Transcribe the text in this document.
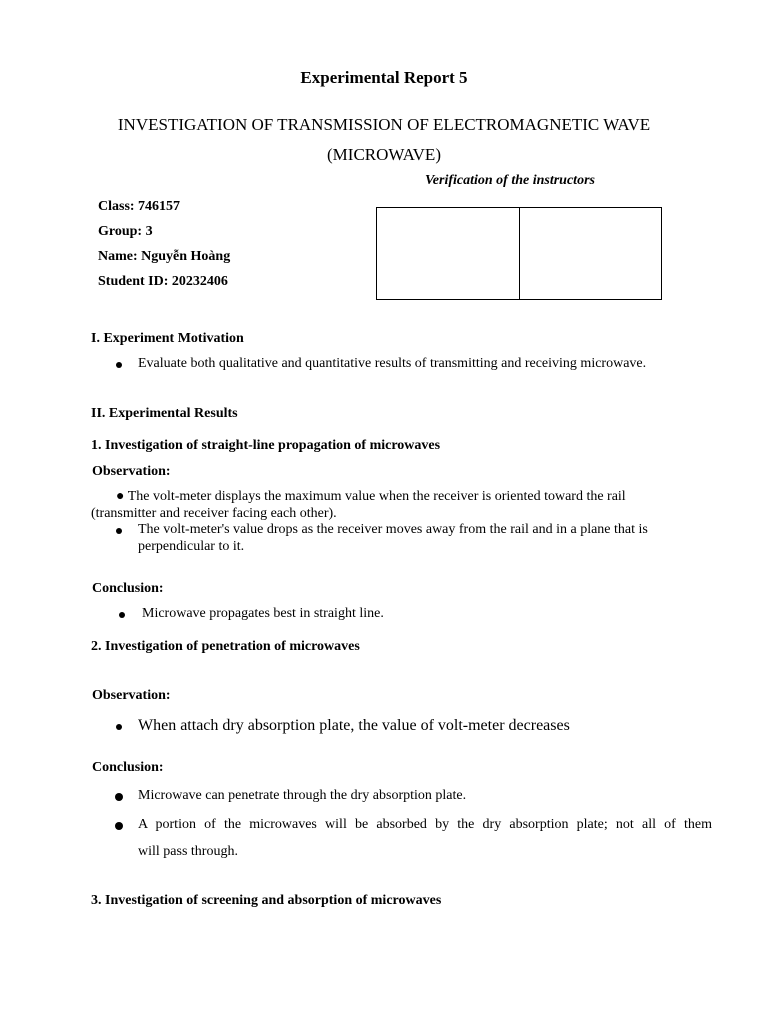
Experimental Report 5
INVESTIGATION OF TRANSMISSION OF ELECTROMAGNETIC WAVE
(MICROWAVE)
Verification of the instructors
Class: 746157
Group: 3
Name: Nguyễn Hoàng
Student ID: 20232406
I. Experiment Motivation
Evaluate both qualitative and quantitative results of transmitting and receiving microwave.
II. Experimental Results
1. Investigation of straight-line propagation of microwaves
Observation:
● The volt-meter displays the maximum value when the receiver is oriented toward the rail
(transmitter and receiver facing each other).
The volt-meter's value drops as the receiver moves away from the rail and in a plane that is
perpendicular to it.
Conclusion:
Microwave propagates best in straight line.
2. Investigation of penetration of microwaves
Observation:
When attach dry absorption plate, the value of volt-meter decreases
Conclusion:
Microwave can penetrate through the dry absorption plate.
A portion of the microwaves will be absorbed by the dry absorption plate; not all of them
will pass through.
3. Investigation of screening and absorption of microwaves
